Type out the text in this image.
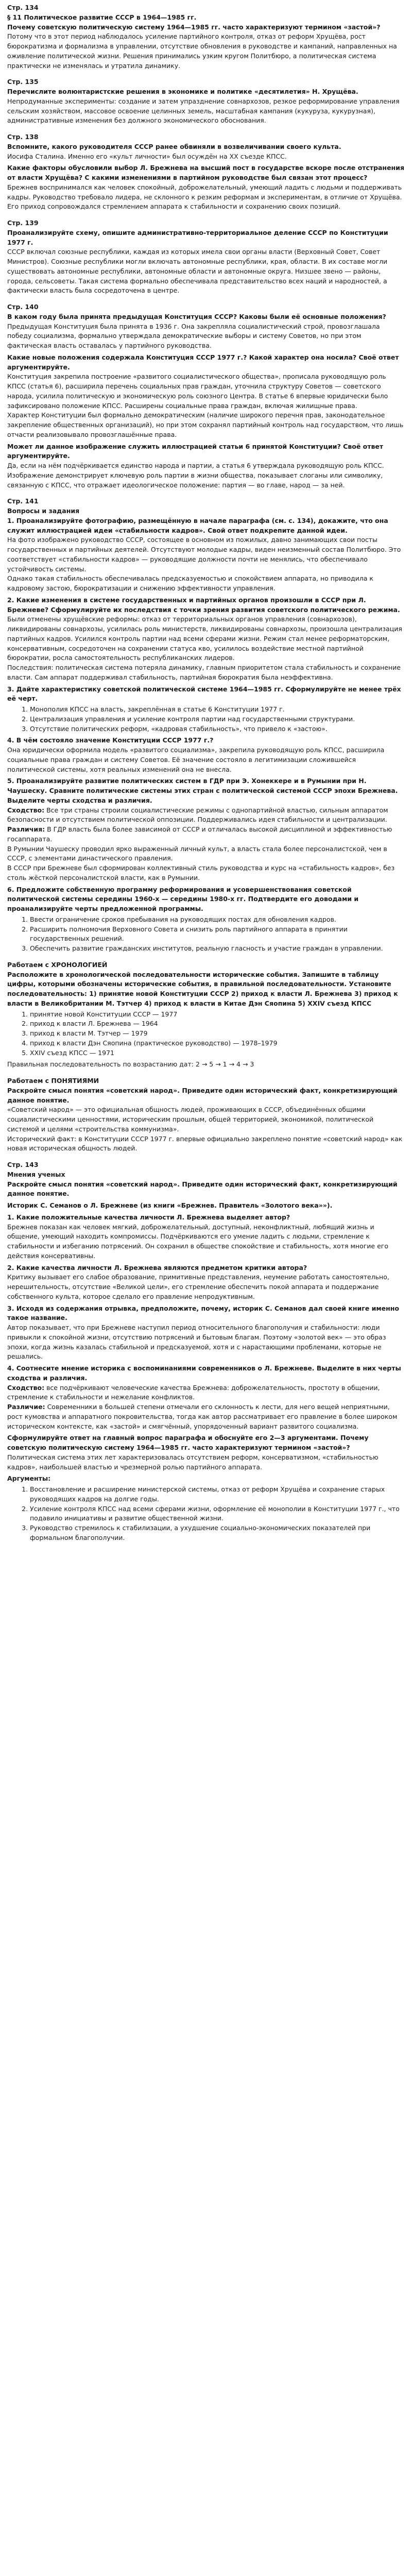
Стр. 134

§ 11 Политическое развитие СССР в 1964—1985 гг.

Почему советскую политическую систему 1964—1985 гг. часто характеризуют термином «застой»?

Потому что в этот период наблюдалось усиление партийного контроля, отказ от реформ Хрущёва, рост бюрократизма и формализма в управлении, отсутствие обновления в руководстве и кампаний, направленных на оживление политической жизни. Решения принимались узким кругом Политбюро, а политическая система практически не изменялась и утратила динамику.

Стр. 135

Перечислите волюнтаристские решения в экономике и политике «десятилетия» Н. Хрущёва.

Непродуманные эксперименты: создание и затем упразднение совнархозов, резкое реформирование управления сельским хозяйством, массовое освоение целинных земель, масштабная кампания (кукуруза, кукурузная), административные изменения без должного экономического обоснования.

Стр. 138

Вспомните, какого руководителя СССР ранее обвиняли в возвеличивании своего культа.

Иосифа Сталина. Именно его «культ личности» был осуждён на XX съезде КПСС.

Какие факторы обусловили выбор Л. Брежнева на высший пост в государстве вскоре после отстранения от власти Хрущёва? С какими изменениями в партийном руководстве был связан этот процесс?

Брежнев воспринимался как человек спокойный, доброжелательный, умеющий ладить с людьми и поддерживать кадры. Руководство требовало лидера, не склонного к резким реформам и экспериментам, в отличие от Хрущёва. Его приход сопровождался стремлением аппарата к стабильности и сохранению своих позиций.

Стр. 139

Проанализируйте схему, опишите административно-территориальное деление СССР по Конституции 1977 г.

СССР включал союзные республики, каждая из которых имела свои органы власти (Верховный Совет, Совет Министров). Союзные республики могли включать автономные республики, края, области. В их составе могли существовать автономные республики, автономные области и автономные округа. Низшее звено — районы, города, сельсоветы. Такая система формально обеспечивала представительство всех наций и народностей, а фактически власть была сосредоточена в центре.

Стр. 140

В каком году была принята предыдущая Конституция СССР? Каковы были её основные положения?

Предыдущая Конституция была принята в 1936 г. Она закрепляла социалистический строй, провозглашала победу социализма, формально утверждала демократические выборы и систему Советов, но при этом фактическая власть оставалась у партийного руководства.

Какие новые положения содержала Конституция СССР 1977 г.? Какой характер она носила? Своё ответ аргументируйте.

Конституция закрепила построение «развитого социалистического общества», прописала руководящую роль КПСС (статья 6), расширила перечень социальных прав граждан, уточнила структуру Советов — советского народа, усилила политическую и экономическую роль союзного Центра. В статье 6 впервые юридически было зафиксировано положение КПСС. Расширены социальные права граждан, включая жилищные права.

Характер Конституции был формально демократическим (наличие широкого перечня прав, законодательное закрепление общественных организаций), но при этом сохранял партийный контроль над государством, что лишь отчасти реализовывало провозглашённые права.

Может ли данное изображение служить иллюстрацией статьи 6 принятой Конституции? Своё ответ аргументируйте.

Да, если на нём подчёркивается единство народа и партии, а статья 6 утверждала руководящую роль КПСС. Изображение демонстрирует ключевую роль партии в жизни общества, показывает слоганы или символику, связанную с КПСС, что отражает идеологическое положение: партия — во главе, народ — за ней.

Стр. 141

Вопросы и задания

1. Проанализируйте фотографию, размещённую в начале параграфа (см. с. 134), докажите, что она служит иллюстрацией идеи «стабильности кадров». Свой ответ подкрепите данной идеи.

На фото изображено руководство СССР, состоящее в основном из пожилых, давно занимающих свои посты государственных и партийных деятелей. Отсутствуют молодые кадры, виден неизменный состав Политбюро. Это соответствует «стабильности кадров» — руководящие должности почти не менялись, что обеспечивало устойчивость системы.

Однако такая стабильность обеспечивалась предсказуемостью и спокойствием аппарата, но приводила к кадровому застою, бюрократизации и снижению эффективности управления.

2. Какие изменения в системе государственных и партийных органов произошли в СССР при Л. Брежневе? Сформулируйте их последствия с точки зрения развития советского политического режима.

Были отменены хрущёвские реформы: отказ от территориальных органов управления (совнархозов), ликвидированы совнархозы, усилилась роль министерств, ликвидированы совнархозы, произошла централизация партийных кадров. Усилился контроль партии над всеми сферами жизни. Режим стал менее реформаторским, консервативным, сосредоточен на сохранении статуса кво, усилилось воздействие местной партийной бюрократии, росла самостоятельность республиканских лидеров.

Последствия: политическая система потеряла динамику, главным приоритетом стала стабильность и сохранение власти. Сам аппарат поддерживал стабильность, партийная бюрократия была неэффективна.

3. Дайте характеристику советской политической системе 1964—1985 гг. Сформулируйте не менее трёх её черт.

1. Монополия КПСС на власть, закреплённая в статье 6 Конституции 1977 г.
2. Централизация управления и усиление контроля партии над государственными структурами.
3. Отсутствие политических реформ, «кадровая стабильность», что привело к «застою».

4. В чём состояло значение Конституции СССР 1977 г.?

Она юридически оформила модель «развитого социализма», закрепила руководящую роль КПСС, расширила социальные права граждан и систему Советов. Её значение состояло в легитимизации сложившейся политической системы, хотя реальных изменений она не внесла.

5. Проанализируйте развитие политических систем в ГДР при Э. Хонеккере и в Румынии при Н. Чаушеску. Сравните политические системы этих стран с политической системой СССР эпохи Брежнева. Выделите черты сходства и различия.

Сходство: Все три страны строили социалистические режимы с однопартийной властью, сильным аппаратом безопасности и отсутствием политической оппозиции. Поддерживались идея стабильности и централизации.

Различия: В ГДР власть была более зависимой от СССР и отличалась высокой дисциплиной и эффективностью госаппарата.

В Румынии Чаушеску проводил ярко выраженный личный культ, а власть стала более персоналистской, чем в СССР, с элементами династического правления.

В СССР при Брежневе был сформирован коллективный стиль руководства и курс на «стабильность кадров», без столь жёсткой персоналистской власти, как в Румынии.

6. Предложите собственную программу реформирования и усовершенствования советской политической системы середины 1960-х — середины 1980-х гг. Подтвердите его доводами и проанализируйте черты предложенной программы.

1. Ввести ограничение сроков пребывания на руководящих постах для обновления кадров.
2. Расширить полномочия Верховного Совета и снизить роль партийного аппарата в принятии государственных решений.
3. Обеспечить развитие гражданских институтов, реальную гласность и участие граждан в управлении.

Работаем с ХРОНОЛОГИЕЙ

Расположите в хронологической последовательности исторические события. Запишите в таблицу цифры, которыми обозначены исторические события, в правильной последовательности. Установите последовательность: 1) принятие новой Конституции СССР 2) приход к власти Л. Брежнева 3) приход к власти в Великобритании М. Тэтчер 4) приход к власти в Китае Дэн Сяопина 5) XXIV съезд КПСС

1. принятие новой Конституции СССР — 1977
2. приход к власти Л. Брежнева — 1964
3. приход к власти М. Тэтчер — 1979
4. приход к власти Дэн Сяопина (практическое руководство) — 1978–1979
5. XXIV съезд КПСС — 1971

Правильная последовательность по возрастанию дат: 2 → 5 → 1 → 4 → 3

Работаем с ПОНЯТИЯМИ

Раскройте смысл понятия «советский народ». Приведите один исторический факт, конкретизирующий данное понятие.

«Советский народ» — это официальная общность людей, проживающих в СССР, объединённых общими социалистическими ценностями, историческим прошлым, общей территорией, экономикой, политической системой и целями «строительства коммунизма».

Исторический факт: в Конституции СССР 1977 г. впервые официально закреплено понятие «советский народ» как новая историческая общность людей.

Стр. 143

Мнения ученых

Раскройте смысл понятия «советский народ». Приведите один исторический факт, конкретизирующий данное понятие.

Историк С. Семанов о Л. Брежневе (из книги «Брежнев. Правитель «Золотого века»»).

1. Какие положительные качества личности Л. Брежнева выделяет автор?

Брежнев показан как человек мягкий, доброжелательный, доступный, неконфликтный, любящий жизнь и общение, умеющий находить компромиссы. Подчёркиваются его умение ладить с людьми, стремление к стабильности и избеганию потрясений. Он сохранил в обществе спокойствие и стабильность, хотя многие его действия консервативны.

2. Какие качества личности Л. Брежнева являются предметом критики автора?

Критику вызывает его слабое образование, примитивные представления, неумение работать самостоятельно, нерешительность, отсутствие «Великой цели», его стремление обеспечить покой аппарата и поддержание собственного культа, которое сделало его правление непродуктивным.

3. Исходя из содержания отрывка, предположите, почему, историк С. Семанов дал своей книге именно такое название.

Автор показывает, что при Брежневе наступил период относительного благополучия и стабильности: люди привыкли к спокойной жизни, отсутствию потрясений и бытовым благам. Поэтому «золотой век» — это образ эпохи, когда жизнь казалась стабильной и предсказуемой, хотя и с нарастающими проблемами, которые не решались.

4. Соотнесите мнение историка с воспоминаниями современников о Л. Брежневе. Выделите в них черты сходства и различия.

Сходство: все подчёркивают человеческие качества Брежнева: доброжелательность, простоту в общении, стремление к стабильности и нежелание конфликтов.

Различие: Современники в большей степени отмечали его склонность к лести, для него вещей неприятными, рост кумовства и аппаратного покровительства, тогда как автор рассматривает его правление в более широком историческом контексте, как «застой» и смягчённый, упорядоченный вариант развитого социализма.

Сформулируйте ответ на главный вопрос параграфа и обоснуйте его 2—3 аргументами. Почему советскую политическую систему 1964—1985 гг. часто характеризуют термином «застой»?

Политическая система этих лет характеризовалась отсутствием реформ, консерватизмом, «стабильностью кадров», наибольшей властью и чрезмерной ролью партийного аппарата.

Аргументы:

1. Восстановление и расширение министерской системы, отказ от реформ Хрущёва и сохранение старых руководящих кадров на долгие годы.
2. Усиление контроля КПСС над всеми сферами жизни, оформление её монополии в Конституции 1977 г., что подавило инициативы и развитие общественной жизни.
3. Руководство стремилось к стабилизации, а ухудшение социально-экономических показателей при формальном благополучии.
